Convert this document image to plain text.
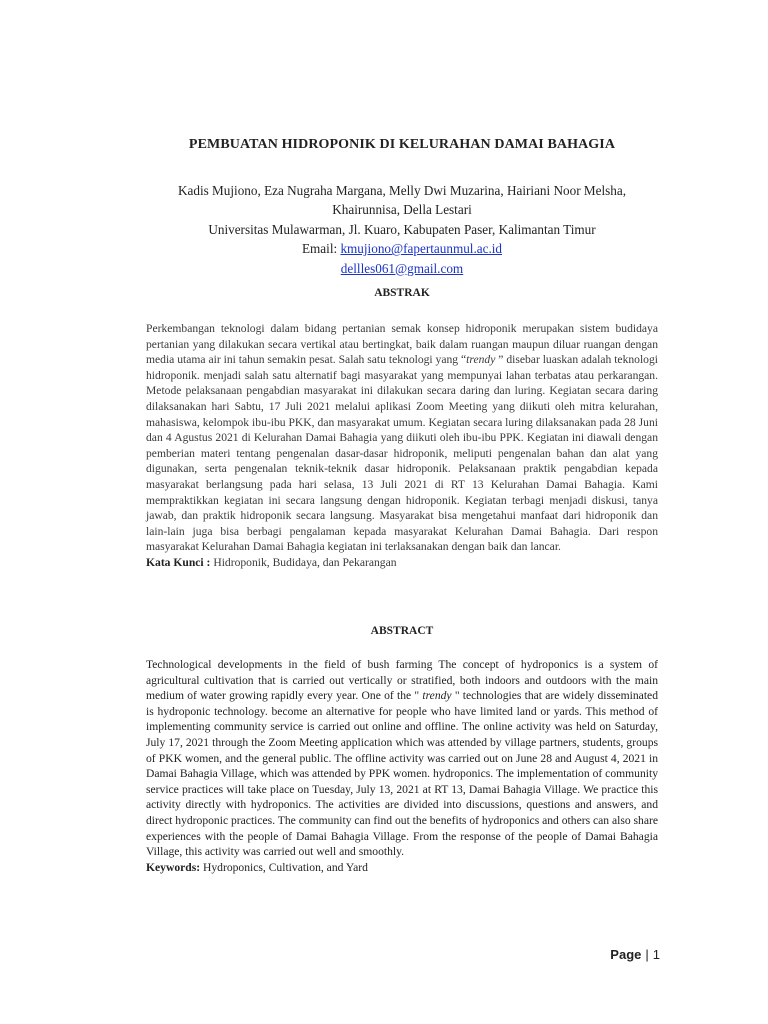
PEMBUATAN HIDROPONIK DI KELURAHAN DAMAI BAHAGIA
Kadis Mujiono, Eza Nugraha Margana, Melly Dwi Muzarina, Hairiani Noor Melsha,
Khairunnisa, Della Lestari
Universitas Mulawarman, Jl. Kuaro, Kabupaten Paser, Kalimantan Timur
Email: kmujiono@fapertaunmul.ac.id
dellles061@gmail.com
ABSTRAK

Perkembangan teknologi dalam bidang pertanian semak konsep hidroponik merupakan sistem budidaya pertanian yang dilakukan secara vertikal atau bertingkat, baik dalam ruangan maupun diluar ruangan dengan media utama air ini tahun semakin pesat. Salah satu teknologi yang “trendy ” disebar luaskan adalah teknologi hidroponik. menjadi salah satu alternatif bagi masyarakat yang mempunyai lahan terbatas atau perkarangan. Metode pelaksanaan pengabdian masyarakat ini dilakukan secara daring dan luring. Kegiatan secara daring dilaksanakan hari Sabtu, 17 Juli 2021 melalui aplikasi Zoom Meeting yang diikuti oleh mitra kelurahan, mahasiswa, kelompok ibu-ibu PKK, dan masyarakat umum. Kegiatan secara luring dilaksanakan pada 28 Juni dan 4 Agustus 2021 di Kelurahan Damai Bahagia yang diikuti oleh ibu-ibu PPK. Kegiatan ini diawali dengan pemberian materi tentang pengenalan dasar-dasar hidroponik, meliputi pengenalan bahan dan alat yang digunakan, serta pengenalan teknik-teknik dasar hidroponik. Pelaksanaan praktik pengabdian kepada masyarakat berlangsung pada hari selasa, 13 Juli 2021 di RT 13 Kelurahan Damai Bahagia. Kami mempraktikkan kegiatan ini secara langsung dengan hidroponik. Kegiatan terbagi menjadi diskusi, tanya jawab, dan praktik hidroponik secara langsung. Masyarakat bisa mengetahui manfaat dari hidroponik dan lain-lain juga bisa berbagi pengalaman kepada masyarakat Kelurahan Damai Bahagia. Dari respon masyarakat Kelurahan Damai Bahagia kegiatan ini terlaksanakan dengan baik dan lancar.

Kata Kunci : Hidroponik, Budidaya, dan Pekarangan

ABSTRACT

Technological developments in the field of bush farming The concept of hydroponics is a system of agricultural cultivation that is carried out vertically or stratified, both indoors and outdoors with the main medium of water growing rapidly every year. One of the " trendy " technologies that are widely disseminated is hydroponic technology. become an alternative for people who have limited land or yards. This method of implementing community service is carried out online and offline. The online activity was held on Saturday, July 17, 2021 through the Zoom Meeting application which was attended by village partners, students, groups of PKK women, and the general public. The offline activity was carried out on June 28 and August 4, 2021 in Damai Bahagia Village, which was attended by PPK women. hydroponics. The implementation of community service practices will take place on Tuesday, July 13, 2021 at RT 13, Damai Bahagia Village. We practice this activity directly with hydroponics. The activities are divided into discussions, questions and answers, and direct hydroponic practices. The community can find out the benefits of hydroponics and others can also share experiences with the people of Damai Bahagia Village. From the response of the people of Damai Bahagia Village, this activity was carried out well and smoothly.

Keywords: Hydroponics, Cultivation, and Yard

Page | 1
